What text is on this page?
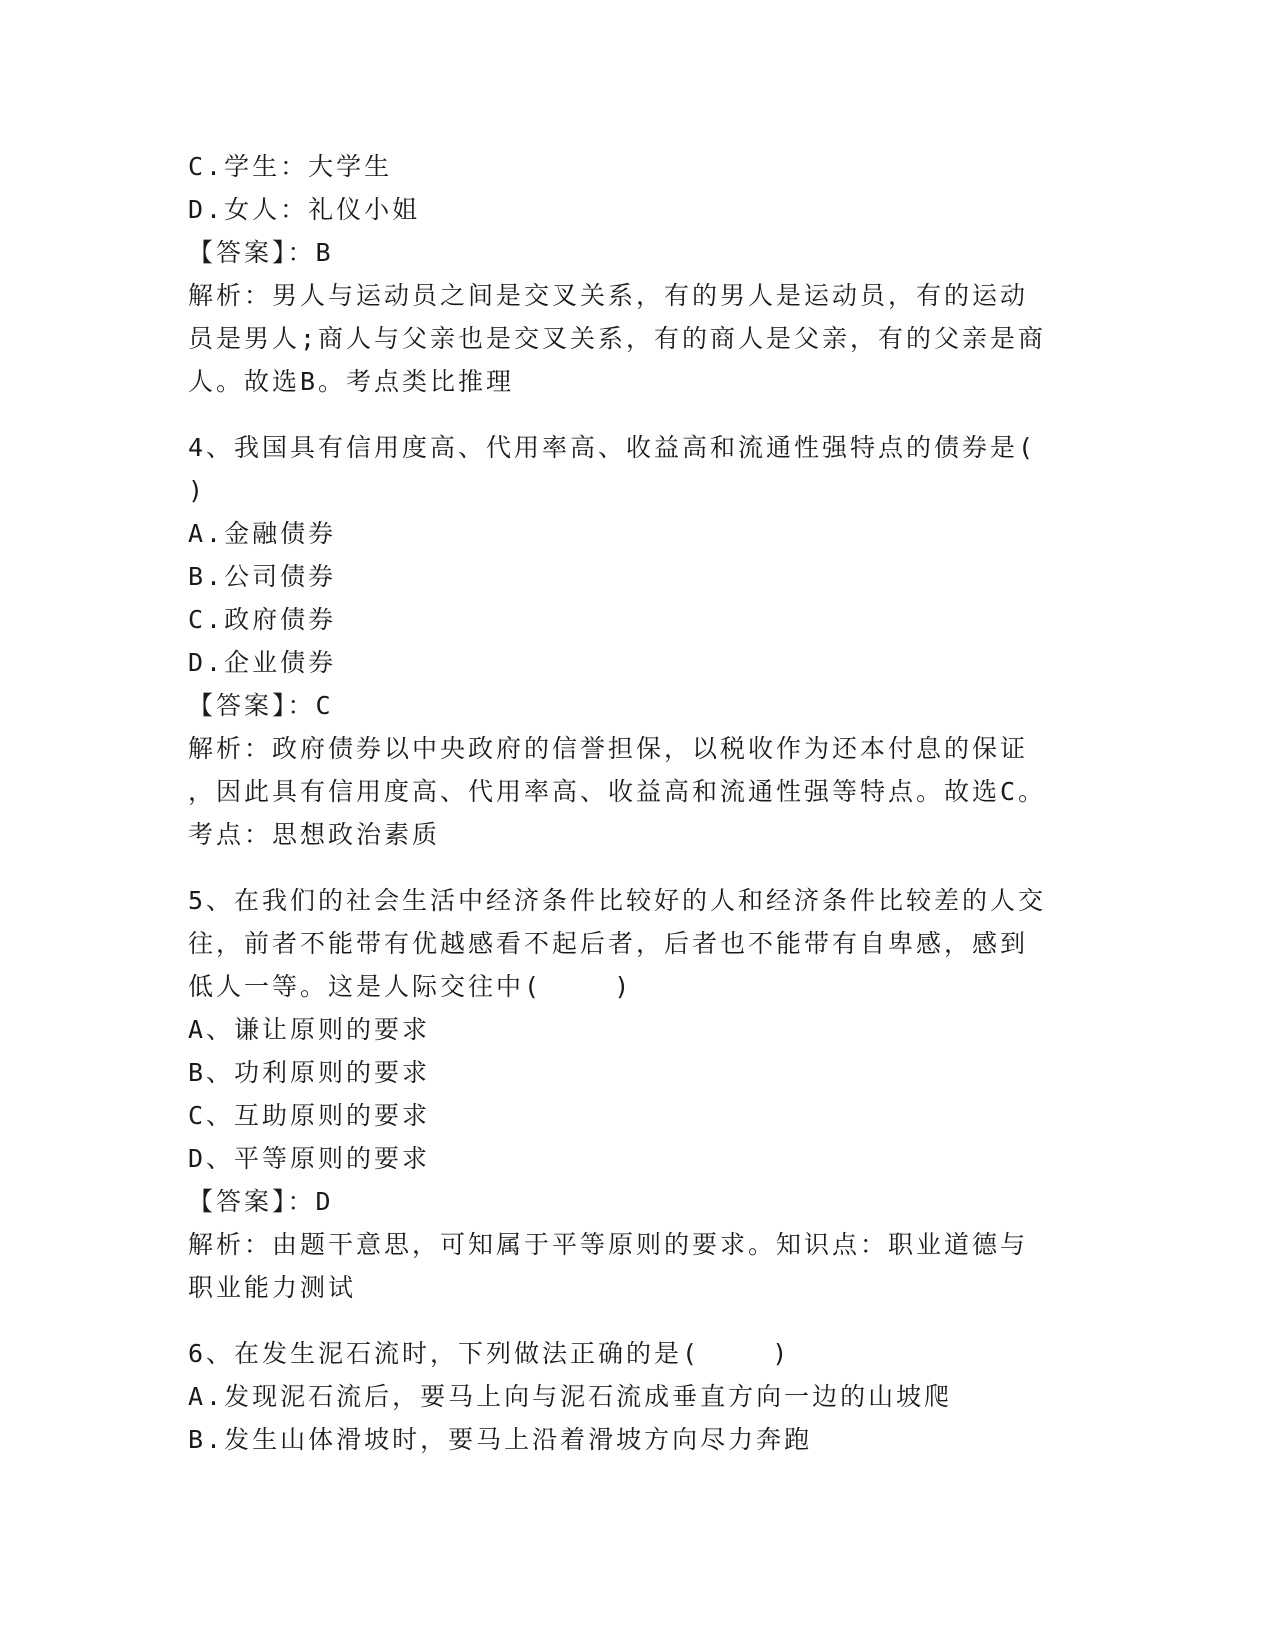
C.学生：大学生
D.女人：礼仪小姐
【答案】：B
解析：男人与运动员之间是交叉关系，有的男人是运动员，有的运动
员是男人;商人与父亲也是交叉关系，有的商人是父亲，有的父亲是商
人。故选B。考点类比推理
4、我国具有信用度高、代用率高、收益高和流通性强特点的债券是(
)
A.金融债券
B.公司债券
C.政府债券
D.企业债券
【答案】：C
解析：政府债券以中央政府的信誉担保，以税收作为还本付息的保证
，因此具有信用度高、代用率高、收益高和流通性强等特点。故选C。
考点：思想政治素质
5、在我们的社会生活中经济条件比较好的人和经济条件比较差的人交
往，前者不能带有优越感看不起后者，后者也不能带有自卑感，感到
低人一等。这是人际交往中(    )
A、谦让原则的要求
B、功利原则的要求
C、互助原则的要求
D、平等原则的要求
【答案】：D
解析：由题干意思，可知属于平等原则的要求。知识点：职业道德与
职业能力测试
6、在发生泥石流时，下列做法正确的是(    )
A.发现泥石流后，要马上向与泥石流成垂直方向一边的山坡爬
B.发生山体滑坡时，要马上沿着滑坡方向尽力奔跑
